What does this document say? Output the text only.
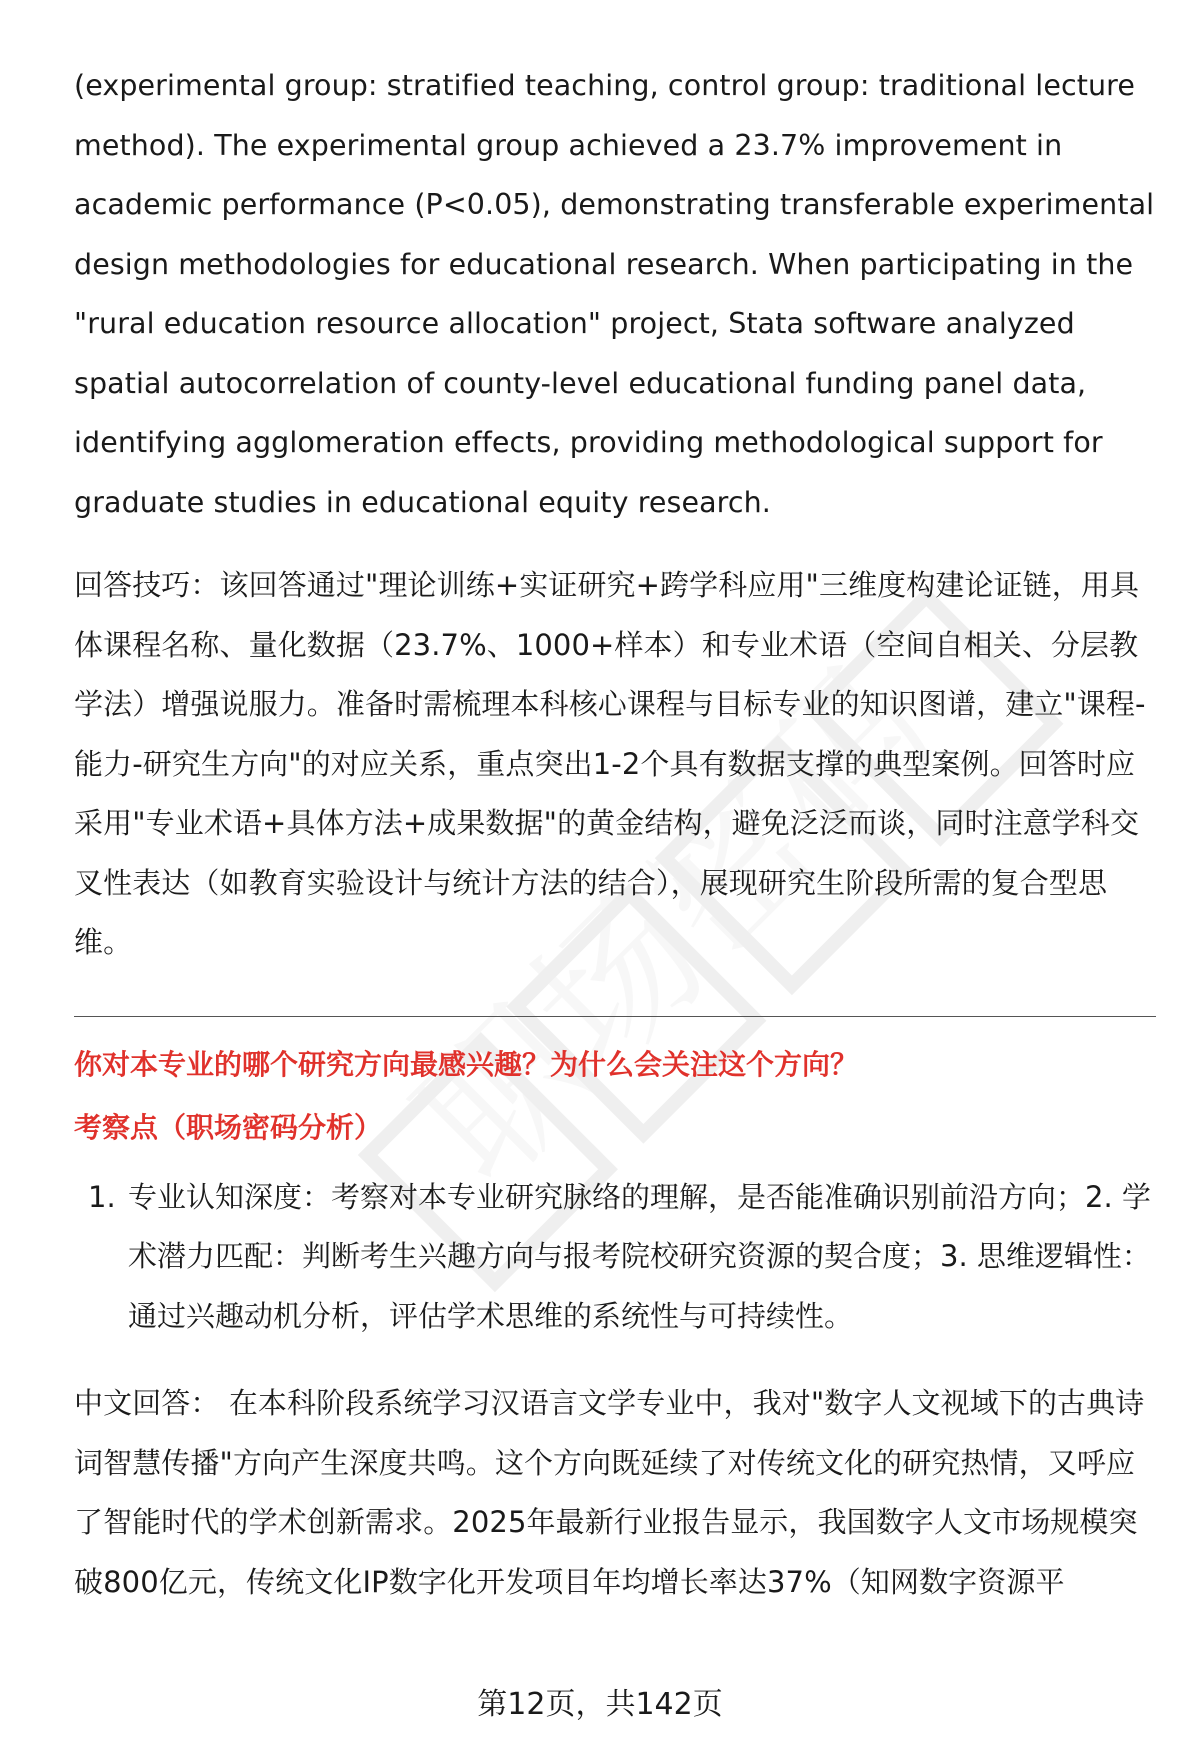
(experimental group: stratified teaching, control group: traditional lecture method). The experimental group achieved a 23.7% improvement in academic performance (P<0.05), demonstrating transferable experimental design methodologies for educational research. When participating in the "rural education resource allocation" project, Stata software analyzed spatial autocorrelation of county-level educational funding panel data, identifying agglomeration effects, providing methodological support for graduate studies in educational equity research.

回答技巧：该回答通过"理论训练+实证研究+跨学科应用"三维度构建论证链，用具体课程名称、量化数据（23.7%、1000+样本）和专业术语（空间自相关、分层教学法）增强说服力。准备时需梳理本科核心课程与目标专业的知识图谱，建立"课程-能力-研究生方向"的对应关系，重点突出1-2个具有数据支撑的典型案例。回答时应采用"专业术语+具体方法+成果数据"的黄金结构，避免泛泛而谈，同时注意学科交叉性表达（如教育实验设计与统计方法的结合），展现研究生阶段所需的复合型思维。

你对本专业的哪个研究方向最感兴趣？为什么会关注这个方向？

考察点（职场密码分析）

1. 专业认知深度：考察对本专业研究脉络的理解，是否能准确识别前沿方向；2. 学术潜力匹配：判断考生兴趣方向与报考院校研究资源的契合度；3. 思维逻辑性：通过兴趣动机分析，评估学术思维的系统性与可持续性。

中文回答： 在本科阶段系统学习汉语言文学专业中，我对"数字人文视域下的古典诗词智慧传播"方向产生深度共鸣。这个方向既延续了对传统文化的研究热情，又呼应了智能时代的学术创新需求。2025年最新行业报告显示，我国数字人文市场规模突破800亿元，传统文化IP数字化开发项目年均增长率达37%（知网数字资源平

第12页，共142页
